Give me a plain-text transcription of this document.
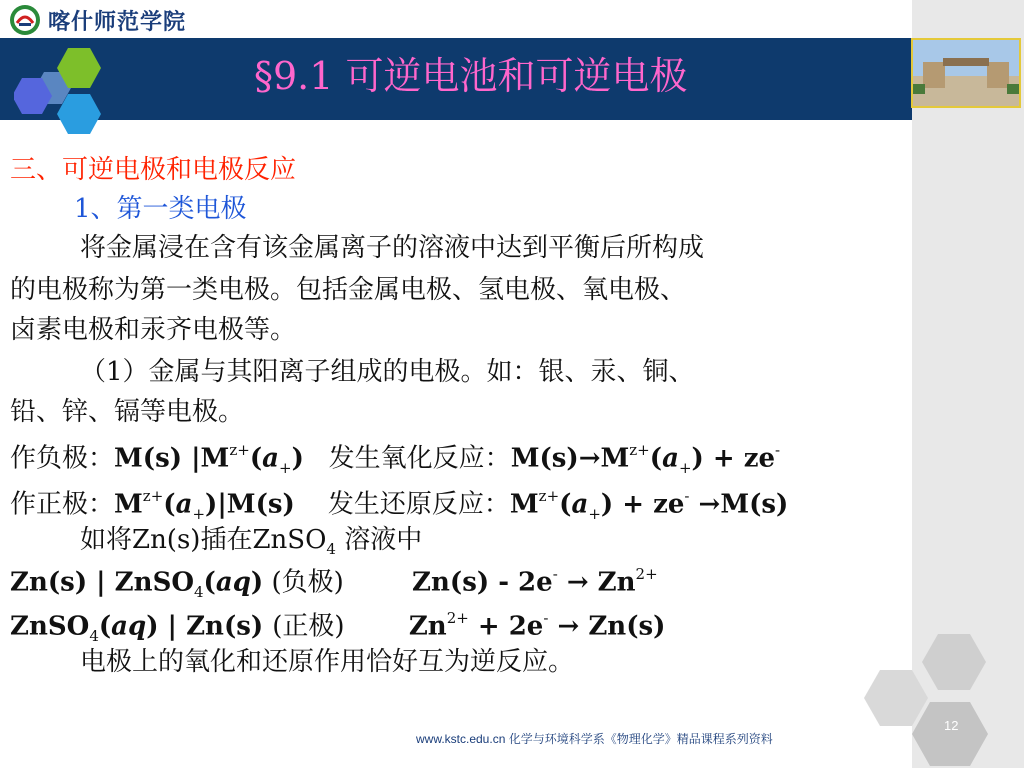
喀什师范学院
§9.1 可逆电池和可逆电极
三、可逆电极和电极反应
1、第一类电极
将金属浸在含有该金属离子的溶液中达到平衡后所构成
的电极称为第一类电极。包括金属电极、氢电极、氧电极、
卤素电极和汞齐电极等。
（1）金属与其阳离子组成的电极。如：银、汞、铜、
铅、锌、镉等电极。
作负极：M(s) $|M^{z+}(a_+)$ 发生氧化反应：$M(s)\to M^{z+}(a_+) + ze^-$
作正极：$M^{z+}(a_+)|M(s)$ 发生还原反应：$M^{z+}(a_+) + ze^- \to M(s)$
如将Zn(s)插在ZnSO$_4$ 溶液中
Zn(s) | ZnSO$_4$(aq) (负极)	$Zn(s) - 2e^- \to Zn^{2+}$
ZnSO$_4$(aq) | Zn(s) (正极) $Zn^{2+} + 2e^- \to Zn(s)$
电极上的氧化和还原作用恰好互为逆反应。
12
www.kstc.edu.cn 化学与环境科学系《物理化学》精品课程系列资料
